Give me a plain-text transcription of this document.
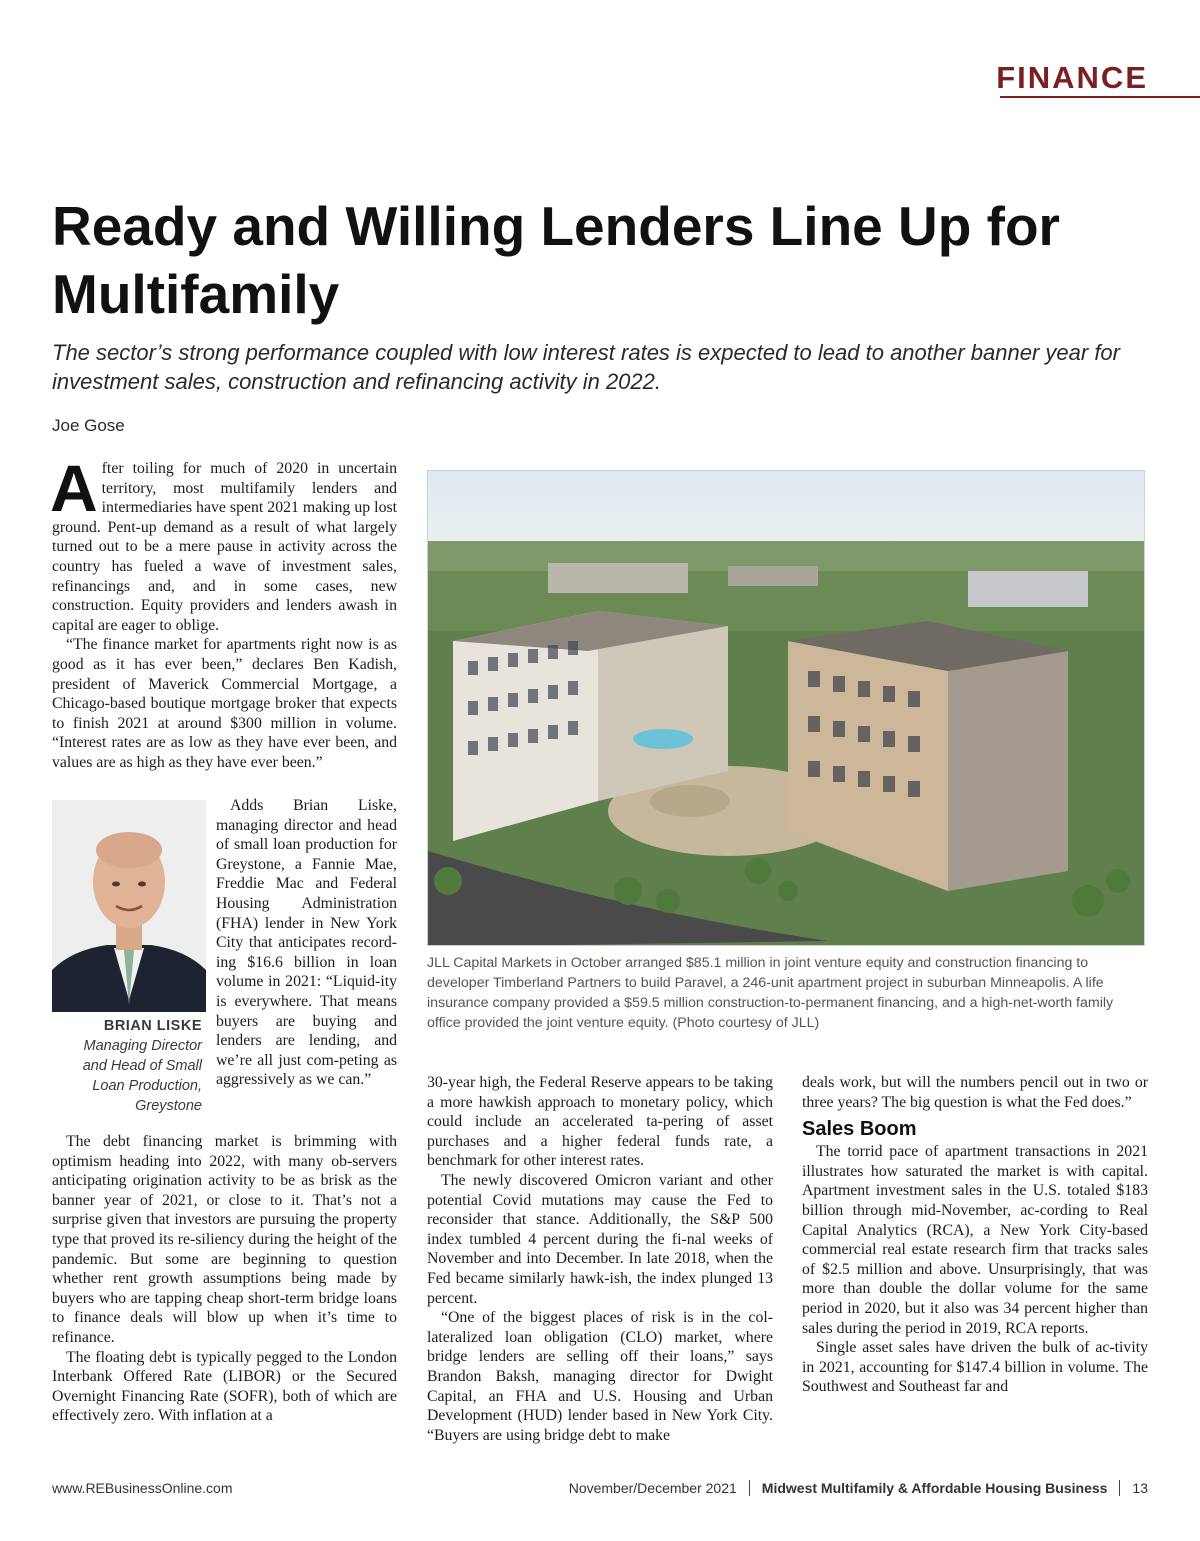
FINANCE
Ready and Willing Lenders Line Up for Multifamily
The sector’s strong performance coupled with low interest rates is expected to lead to another banner year for investment sales, construction and refinancing activity in 2022.
Joe Gose

After toiling for much of 2020 in uncertain territory, most multifamily lenders and intermediaries have spent 2021 making up lost ground. Pent-up demand as a result of what largely turned out to be a mere pause in activity across the country has fueled a wave of investment sales, refinancings and, and in some cases, new construction. Equity providers and lenders awash in capital are eager to oblige.

“The finance market for apartments right now is as good as it has ever been,” declares Ben Kadish, president of Maverick Commercial Mortgage, a Chicago-based boutique mortgage broker that expects to finish 2021 at around $300 million in volume. “Interest rates are as low as they have ever been, and values are as high as they have ever been.”

BRIAN LISKE
Managing Director
and Head of Small
Loan Production,
Greystone

Adds Brian Liske, managing director and head of small loan production for Greystone, a Fannie Mae, Freddie Mac and Federal Housing Administration (FHA) lender in New York City that anticipates record-ing $16.6 billion in loan volume in 2021: “Liquid-ity is everywhere. That means buyers are buying and lenders are lending, and we’re all just com-peting as aggressively as we can.”

The debt financing market is brimming with optimism heading into 2022, with many ob-servers anticipating origination activity to be as brisk as the banner year of 2021, or close to it. That’s not a surprise given that investors are pursuing the property type that proved its re-siliency during the height of the pandemic. But some are beginning to question whether rent growth assumptions being made by buyers who are tapping cheap short-term bridge loans to finance deals will blow up when it’s time to refinance.

The floating debt is typically pegged to the London Interbank Offered Rate (LIBOR) or the Secured Overnight Financing Rate (SOFR), both of which are effectively zero. With inflation at a

JLL Capital Markets in October arranged $85.1 million in joint venture equity and construction financing to developer Timberland Partners to build Paravel, a 246-unit apartment project in suburban Minneapolis. A life insurance company provided a $59.5 million construction-to-permanent financing, and a high-net-worth family office provided the joint venture equity. (Photo courtesy of JLL)

30-year high, the Federal Reserve appears to be taking a more hawkish approach to monetary policy, which could include an accelerated ta-pering of asset purchases and a higher federal funds rate, a benchmark for other interest rates.

The newly discovered Omicron variant and other potential Covid mutations may cause the Fed to reconsider that stance. Additionally, the S&P 500 index tumbled 4 percent during the fi-nal weeks of November and into December. In late 2018, when the Fed became similarly hawk-ish, the index plunged 13 percent.

“One of the biggest places of risk is in the col-lateralized loan obligation (CLO) market, where bridge lenders are selling off their loans,” says Brandon Baksh, managing director for Dwight Capital, an FHA and U.S. Housing and Urban Development (HUD) lender based in New York City. “Buyers are using bridge debt to make

deals work, but will the numbers pencil out in two or three years? The big question is what the Fed does.”

Sales Boom

The torrid pace of apartment transactions in 2021 illustrates how saturated the market is with capital. Apartment investment sales in the U.S. totaled $183 billion through mid-November, ac-cording to Real Capital Analytics (RCA), a New York City-based commercial real estate research firm that tracks sales of $2.5 million and above. Unsurprisingly, that was more than double the dollar volume for the same period in 2020, but it also was 34 percent higher than sales during the period in 2019, RCA reports.

Single asset sales have driven the bulk of ac-tivity in 2021, accounting for $147.4 billion in volume. The Southwest and Southeast far and

www.REBusinessOnline.com	November/December 2021 Midwest Multifamily & Affordable Housing Business 13
